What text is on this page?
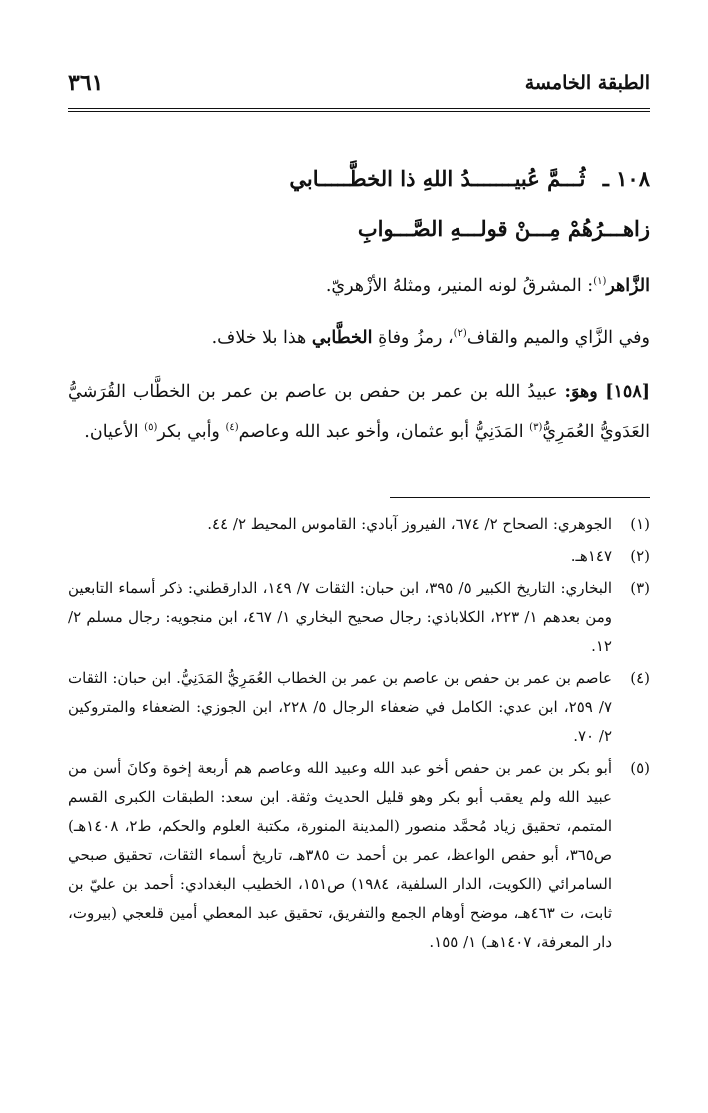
الطبقة الخامسة
٣٦١
١٠٨ ـ ثُـــمَّ عُبيـــــــدُ اللهِ ذا الخطَّـــــابي
زاهـــرُهُمْ مِـــنْ قولـــهِ الصَّـــوابِ
الزَّاهر$^{(١)}$: المشرقُ لونه المنير، ومثلهُ الأزْهريّ.
وفي الزَّاي والميم والقاف$^{(٢)}$، رمزُ وفاةِ الخطَّابي هذا بلا خلاف.
[١٥٨] وهوَ: عبيدُ الله بن عمر بن حفص بن عاصم بن عمر بن الخطَّاب القُرَشيُّ العَدَويُّ العُمَرِيُّ$^{(٣)}$ المَدَنِيُّ أبو عثمان، وأخو عبد الله وعاصم$^{(٤)}$ وأبي بكر$^{(٥)}$ الأعيان.
(١)
الجوهري: الصحاح ٢/ ٦٧٤، الفيروز آبادي: القاموس المحيط ٢/ ٤٤.
(٢)
١٤٧هـ.
(٣)
البخاري: التاريخ الكبير ٥/ ٣٩٥، ابن حبان: الثقات ٧/ ١٤٩، الدارقطني: ذكر أسماء التابعين ومن بعدهم ١/ ٢٢٣، الكلاباذي: رجال صحيح البخاري ١/ ٤٦٧، ابن منجويه: رجال مسلم ٢/ ١٢.
(٤)
عاصم بن عمر بن حفص بن عاصم بن عمر بن الخطاب العُمَرِيُّ المَدَنِيُّ. ابن حبان: الثقات ٧/ ٢٥٩، ابن عدي: الكامل في ضعفاء الرجال ٥/ ٢٢٨، ابن الجوزي: الضعفاء والمتروكين ٢/ ٧٠.
(٥)
أبو بكر بن عمر بن حفص أخو عبد الله وعبيد الله وعاصم هم أربعة إخوة وكانَ أسن من عبيد الله ولم يعقب أبو بكر وهو قليل الحديث وثقة. ابن سعد: الطبقات الكبرى القسم المتمم، تحقيق زياد مُحمَّد منصور (المدينة المنورة، مكتبة العلوم والحكم، ط٢، ١٤٠٨هـ) ص٣٦٥، أبو حفص الواعظ، عمر بن أحمد ت ٣٨٥هـ، تاريخ أسماء الثقات، تحقيق صبحي السامرائي (الكويت، الدار السلفية، ١٩٨٤) ص١٥١، الخطيب البغدادي: أحمد بن عليّ بن ثابت، ت ٤٦٣هـ، موضح أوهام الجمع والتفريق، تحقيق عبد المعطي أمين قلعجي (بيروت، دار المعرفة، ١٤٠٧هـ) ١/ ١٥٥.
